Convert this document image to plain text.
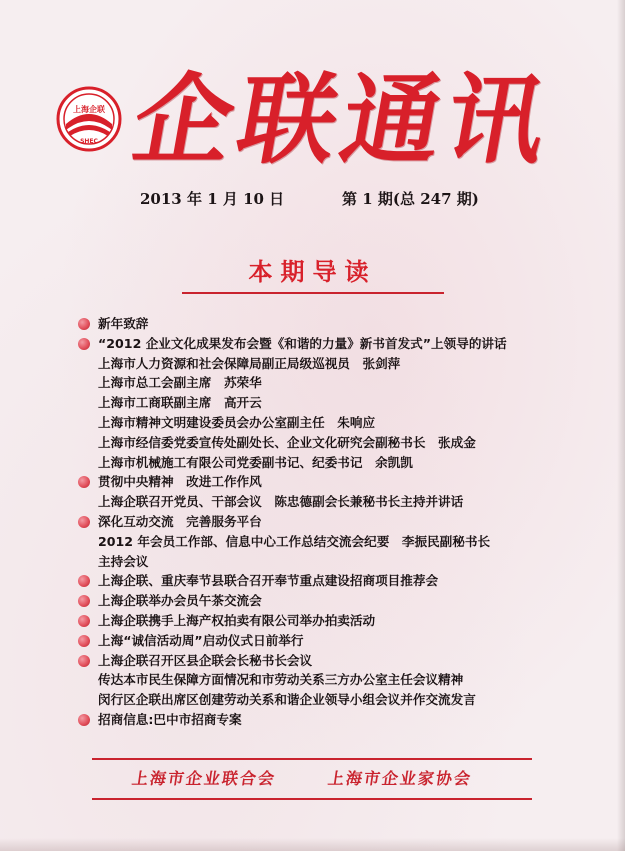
上海企联
SHEC 企联通讯
2013 年 1 月 10 日	第 1 期(总 247 期)
本期导读
新年致辞
“2012 企业文化成果发布会暨《和谐的力量》新书首发式”上领导的讲话
上海市人力资源和社会保障局副正局级巡视员　张剑萍
上海市总工会副主席　苏荣华
上海市工商联副主席　高开云
上海市精神文明建设委员会办公室副主任　朱响应
上海市经信委党委宣传处副处长、企业文化研究会副秘书长　张成金
上海市机械施工有限公司党委副书记、纪委书记　余凯凯
贯彻中央精神　改进工作作风
上海企联召开党员、干部会议　陈忠德副会长兼秘书长主持并讲话
深化互动交流　完善服务平台
2012 年会员工作部、信息中心工作总结交流会纪要　李振民副秘书长
主持会议
上海企联、重庆奉节县联合召开奉节重点建设招商项目推荐会
上海企联举办会员午茶交流会
上海企联携手上海产权拍卖有限公司举办拍卖活动
上海“诚信活动周”启动仪式日前举行
上海企联召开区县企联会长秘书长会议
传达本市民生保障方面情况和市劳动关系三方办公室主任会议精神
闵行区企联出席区创建劳动关系和谐企业领导小组会议并作交流发言
招商信息:巴中市招商专案
上海市企业联合会	上海市企业家协会
